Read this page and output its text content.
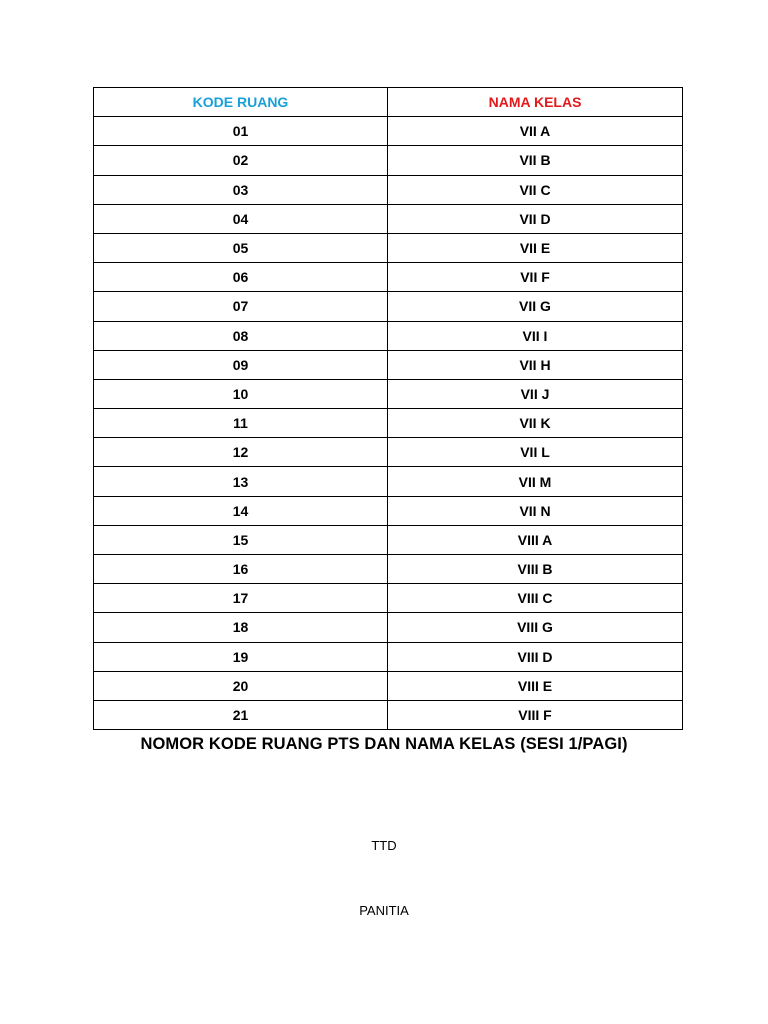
KODE RUANG	NAMA KELAS
01	VII A
02	VII B
03	VII C
04	VII D
05	VII E
06	VII F
07	VII G
08	VII I
09	VII H
10	VII J
11	VII K
12	VII L
13	VII M
14	VII N
15	VIII A
16	VIII B
17	VIII C
18	VIII G
19	VIII D
20	VIII E
21	VIII F
NOMOR KODE RUANG PTS DAN NAMA KELAS (SESI 1/PAGI)
TTD
PANITIA
